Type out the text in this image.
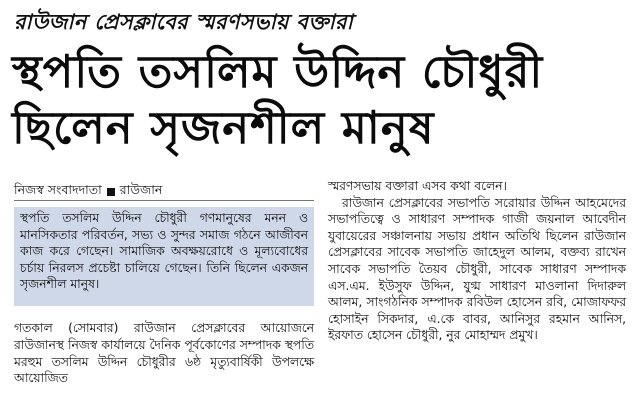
রাউজান প্রেসক্লাবের স্মরণসভায় বক্তারা
স্থপতি তসলিম উদ্দিন চৌধুরী
ছিলেন সৃজনশীল মানুষ
নিজস্ব সংবাদদাতা রাউজান

স্থপতি তসলিম উদ্দিন চৌধুরী গণমানুষের মনন ও মানসিকতার পরিবর্তন, সভ্য ও সুন্দর সমাজ গঠনে আজীবন কাজ করে গেছেন। সামাজিক অবক্ষয়রোধে ও মূল্যবোধের চর্চায় নিরলস প্রচেষ্টা চালিয়ে গেছেন। তিনি ছিলেন একজন সৃজনশীল মানুষ।

গতকাল (সোমবার) রাউজান প্রেসক্লাবের আয়োজনে রাউজানস্থ নিজস্ব কার্যালয়ে দৈনিক পূর্বকোণের সম্পাদক স্থপতি মরহুম তসলিম উদ্দিন চৌধুরীর ৬ষ্ঠ মৃত্যুবার্ষিকী উপলক্ষে আয়োজিত

স্মরণসভায় বক্তারা এসব কথা বলেন।

রাউজান প্রেসক্লাবের সভাপতি সরোয়ার উদ্দিন আহমেদের সভাপতিত্বে ও সাধারণ সম্পাদক গাজী জয়নাল আবেদীন যুবায়েরের সঞ্চালনায় সভায় প্রধান অতিথি ছিলেন রাউজান প্রেসক্লাবের সাবেক সভাপতি জাহেদুল আলম, বক্তব্য রাখেন সাবেক সভাপতি তৈয়ব চৌধুরী, সাবেক সাধারণ সম্পাদক এস.এম. ইউসুফ উদ্দিন, যুগ্ম সাধারণ মাওলানা দিদারুল আলম, সাংগঠনিক সম্পাদক রবিউল হোসেন রবি, মোজাফফর হোসাইন সিকদার, এ.কে বাবর, আনিসুর রহমান আনিস, ইরফাত হোসেন চৌধুরী, নুর মোহাম্মদ প্রমুখ।
